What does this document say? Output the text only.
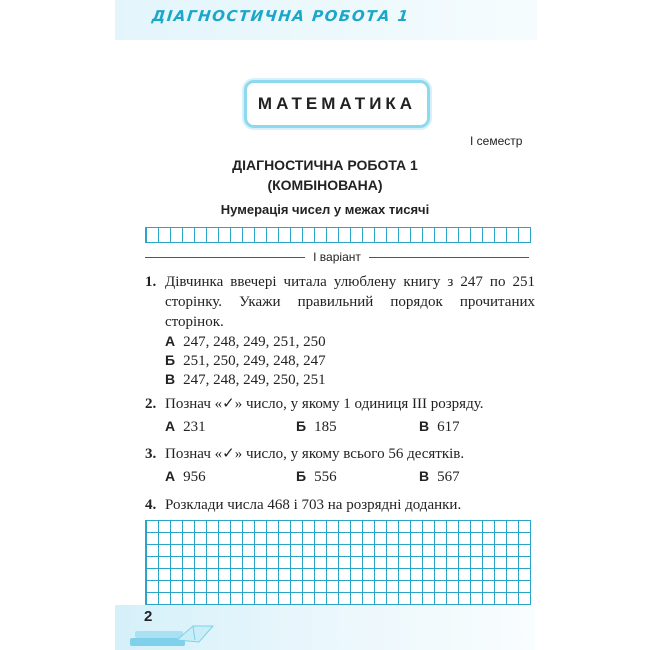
ДІАГНОСТИЧНА РОБОТА 1
МАТЕМАТИКА
І семестр
ДІАГНОСТИЧНА РОБОТА 1
(КОМБІНОВАНА)
Нумерація чисел у межах тисячі
І варіант
1. Дівчинка ввечері читала улюблену книгу з 247 по 251 сторінку. Укажи правильний порядок прочитаних сторінок.
А 247, 248, 249, 251, 250
Б 251, 250, 249, 248, 247
В 247, 248, 249, 250, 251
2. Познач «✓» число, у якому 1 одиниця ІІІ розряду.
А 231	Б 185	В 617
3. Познач «✓» число, у якому всього 56 десятків.
А 956	Б 556	В 567
4. Розклади числа 468 і 703 на розрядні доданки.
2
